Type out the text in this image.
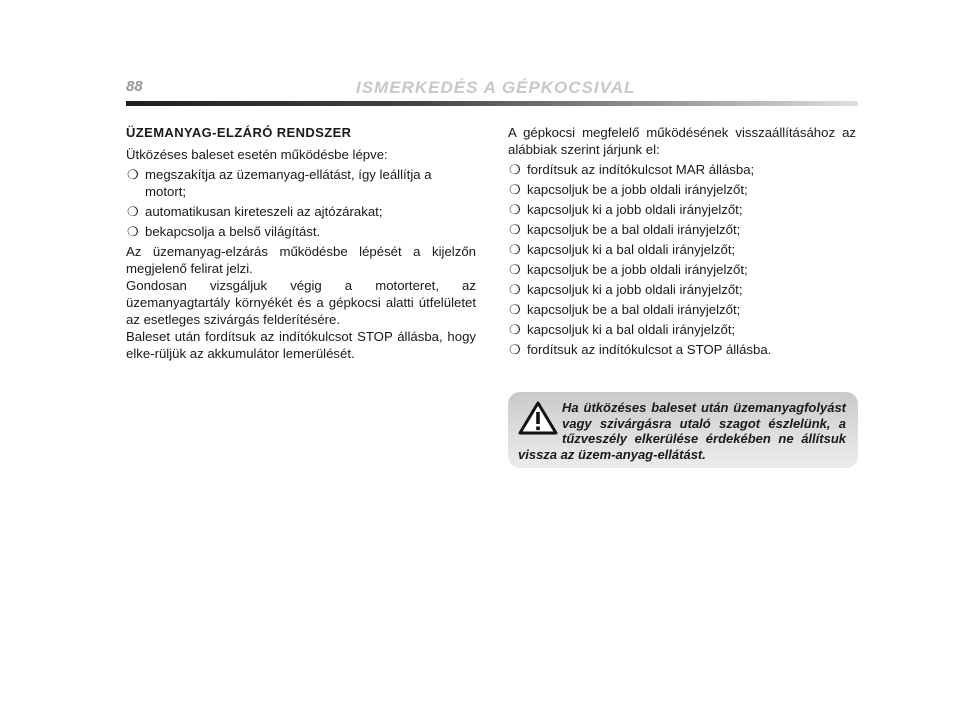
88	ISMERKEDÉS A GÉPKOCSIVAL
ÜZEMANYAG-ELZÁRÓ RENDSZER

Ütközéses baleset esetén működésbe lépve:

❍ megszakítja az üzemanyag-ellátást, így leállítja a motort;
❍ automatikusan kireteszeli az ajtózárakat;
❍ bekapcsolja a belső világítást.

Az üzemanyag-elzárás működésbe lépését a kijelzőn megjelenő felirat jelzi.

Gondosan vizsgáljuk végig a motorteret, az üzemanyagtartály környékét és a gépkocsi alatti útfelületet az esetleges szivárgás felderítésére.

Baleset után fordítsuk az indítókulcsot STOP állásba, hogy elke-rüljük az akkumulátor lemerülését.

A gépkocsi megfelelő működésének visszaállításához az alábbiak szerint járjunk el:

❍ fordítsuk az indítókulcsot MAR állásba;
❍ kapcsoljuk be a jobb oldali irányjelzőt;
❍ kapcsoljuk ki a jobb oldali irányjelzőt;
❍ kapcsoljuk be a bal oldali irányjelzőt;
❍ kapcsoljuk ki a bal oldali irányjelzőt;
❍ kapcsoljuk be a jobb oldali irányjelzőt;
❍ kapcsoljuk ki a jobb oldali irányjelzőt;
❍ kapcsoljuk be a bal oldali irányjelzőt;
❍ kapcsoljuk ki a bal oldali irányjelzőt;
❍ fordítsuk az indítókulcsot a STOP állásba.
Ha ütközéses baleset után üzemanyagfolyást vagy szivárgásra utaló szagot észlelünk, a tűzveszély elkerülése érdekében ne állítsuk vissza az üzem-anyag-ellátást.
